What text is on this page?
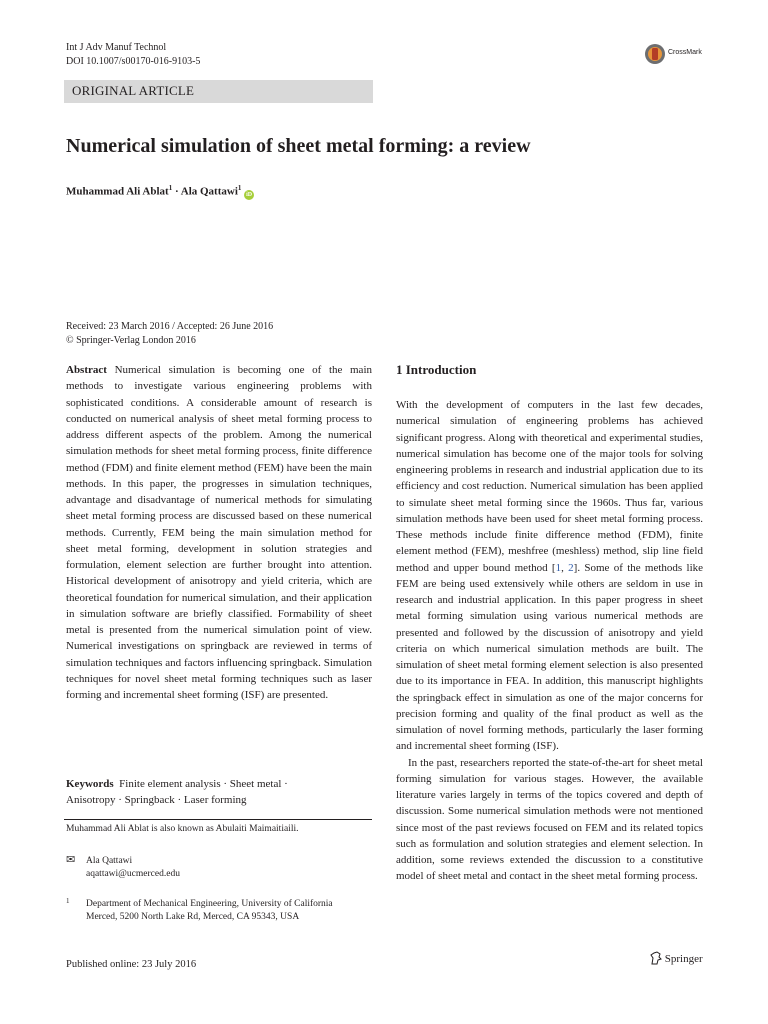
Int J Adv Manuf Technol
DOI 10.1007/s00170-016-9103-5
CrossMark
ORIGINAL ARTICLE
Numerical simulation of sheet metal forming: a review
Muhammad Ali Ablat$^1$ · Ala Qattawi$^1$ iD
Received: 23 March 2016 / Accepted: 26 June 2016
© Springer-Verlag London 2016
Abstract Numerical simulation is becoming one of the main methods to investigate various engineering problems with sophisticated conditions. A considerable amount of research is conducted on numerical analysis of sheet metal forming process to address different aspects of the problem. Among the numerical simulation methods for sheet metal forming process, finite difference method (FDM) and finite element method (FEM) have been the main methods. In this paper, the progresses in simulation techniques, advantage and disadvantage of numerical methods for simulating sheet metal forming process are discussed based on these numerical methods. Currently, FEM being the main simulation method for sheet metal forming, development in solution strategies and formulation, element selection are further brought into attention. Historical development of anisotropy and yield criteria, which are theoretical foundation for numerical simulation, and their application in simulation software are briefly classified. Formability of sheet metal is presented from the numerical simulation point of view. Numerical investigations on springback are reviewed in terms of simulation techniques and factors influencing springback. Simulation techniques for novel sheet metal forming techniques such as laser forming and incremental sheet forming (ISF) are presented.
Keywords Finite element analysis · Sheet metal ·
Anisotropy · Springback · Laser forming
Muhammad Ali Ablat is also known as Abulaiti Maimaitiaili.
✉ Ala Qattawi
aqattawi@ucmerced.edu
1 Department of Mechanical Engineering, University of California
Merced, 5200 North Lake Rd, Merced, CA 95343, USA
Published online: 23 July 2016
1 Introduction

With the development of computers in the last few decades, numerical simulation of engineering problems has achieved significant progress. Along with theoretical and experimental studies, numerical simulation has become one of the major tools for solving engineering problems in research and industrial application due to its efficiency and cost reduction. Numerical simulation has been applied to simulate sheet metal forming since the 1960s. Thus far, various simulation methods have been used for sheet metal forming process. These methods include finite difference method (FDM), finite element method (FEM), meshfree (meshless) method, slip line field method and upper bound method [1, 2]. Some of the methods like FEM are being used extensively while others are seldom in use in research and industrial application. In this paper progress in sheet metal forming simulation using various numerical methods are presented and followed by the discussion of anisotropy and yield criteria on which numerical simulation methods are built. The simulation of sheet metal forming element selection is also presented due to its importance in FEA. In addition, this manuscript highlights the springback effect in simulation as one of the major concerns for precision forming and quality of the final product as well as the simulation of novel forming methods, particularly the laser forming and incremental sheet forming (ISF).

In the past, researchers reported the state-of-the-art for sheet metal forming simulation for various stages. However, the available literature varies largely in terms of the topics covered and depth of discussion. Some numerical simulation methods were not mentioned since most of the past reviews focused on FEM and its related topics such as formulation and solution strategies and element selection. In addition, some reviews extended the discussion to a constitutive model of sheet metal and contact in the sheet metal forming process.

Springer
